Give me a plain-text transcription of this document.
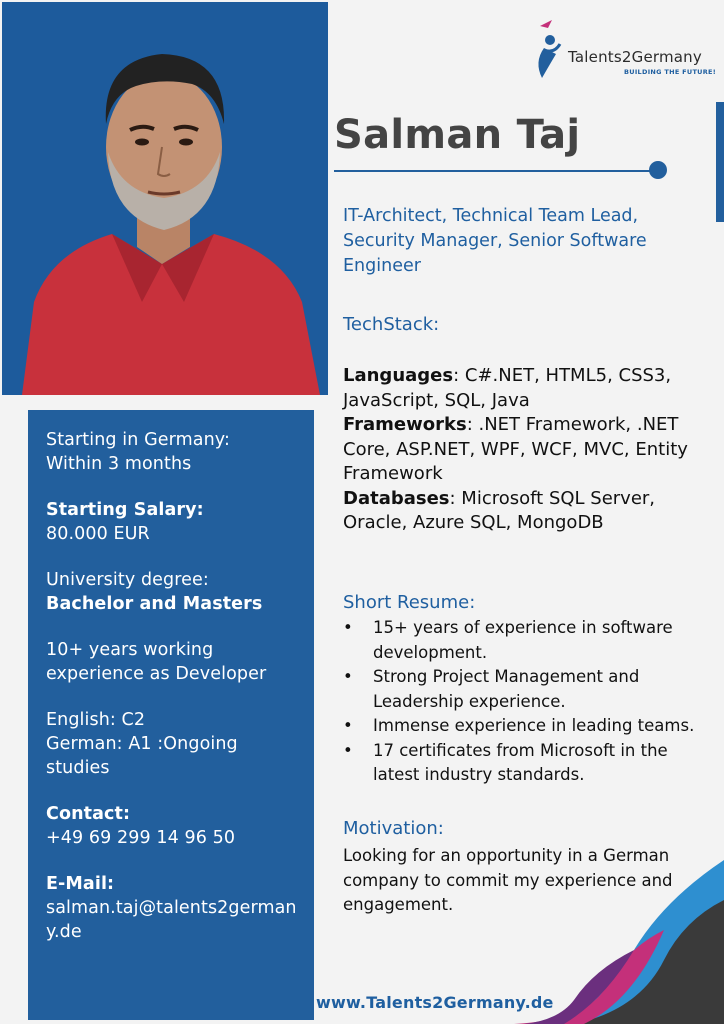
Talents2Germany
BUILDING THE FUTURE!
Salman Taj
IT-Architect, Technical Team Lead, Security Manager, Senior Software Engineer
Starting in Germany:
Within 3 months
Starting Salary:
80.000 EUR
University degree:
Bachelor and Masters
10+ years working experience as Developer
English: C2
German: A1 :Ongoing studies
Contact:
+49 69 299 14 96 50
E-Mail:
salman.taj@talents2germany.de
TechStack:
Languages: C#.NET, HTML5, CSS3, JavaScript, SQL, Java
Frameworks: .NET Framework, .NET Core, ASP.NET, WPF, WCF, MVC, Entity Framework
Databases: Microsoft SQL Server, Oracle, Azure SQL, MongoDB
Short Resume:
• 15+ years of experience in software development.
• Strong Project Management and Leadership experience.
• Immense experience in leading teams.
• 17 certificates from Microsoft in the latest industry standards.
Motivation:
Looking for an opportunity in a German company to commit my experience and engagement.
www.Talents2Germany.de
